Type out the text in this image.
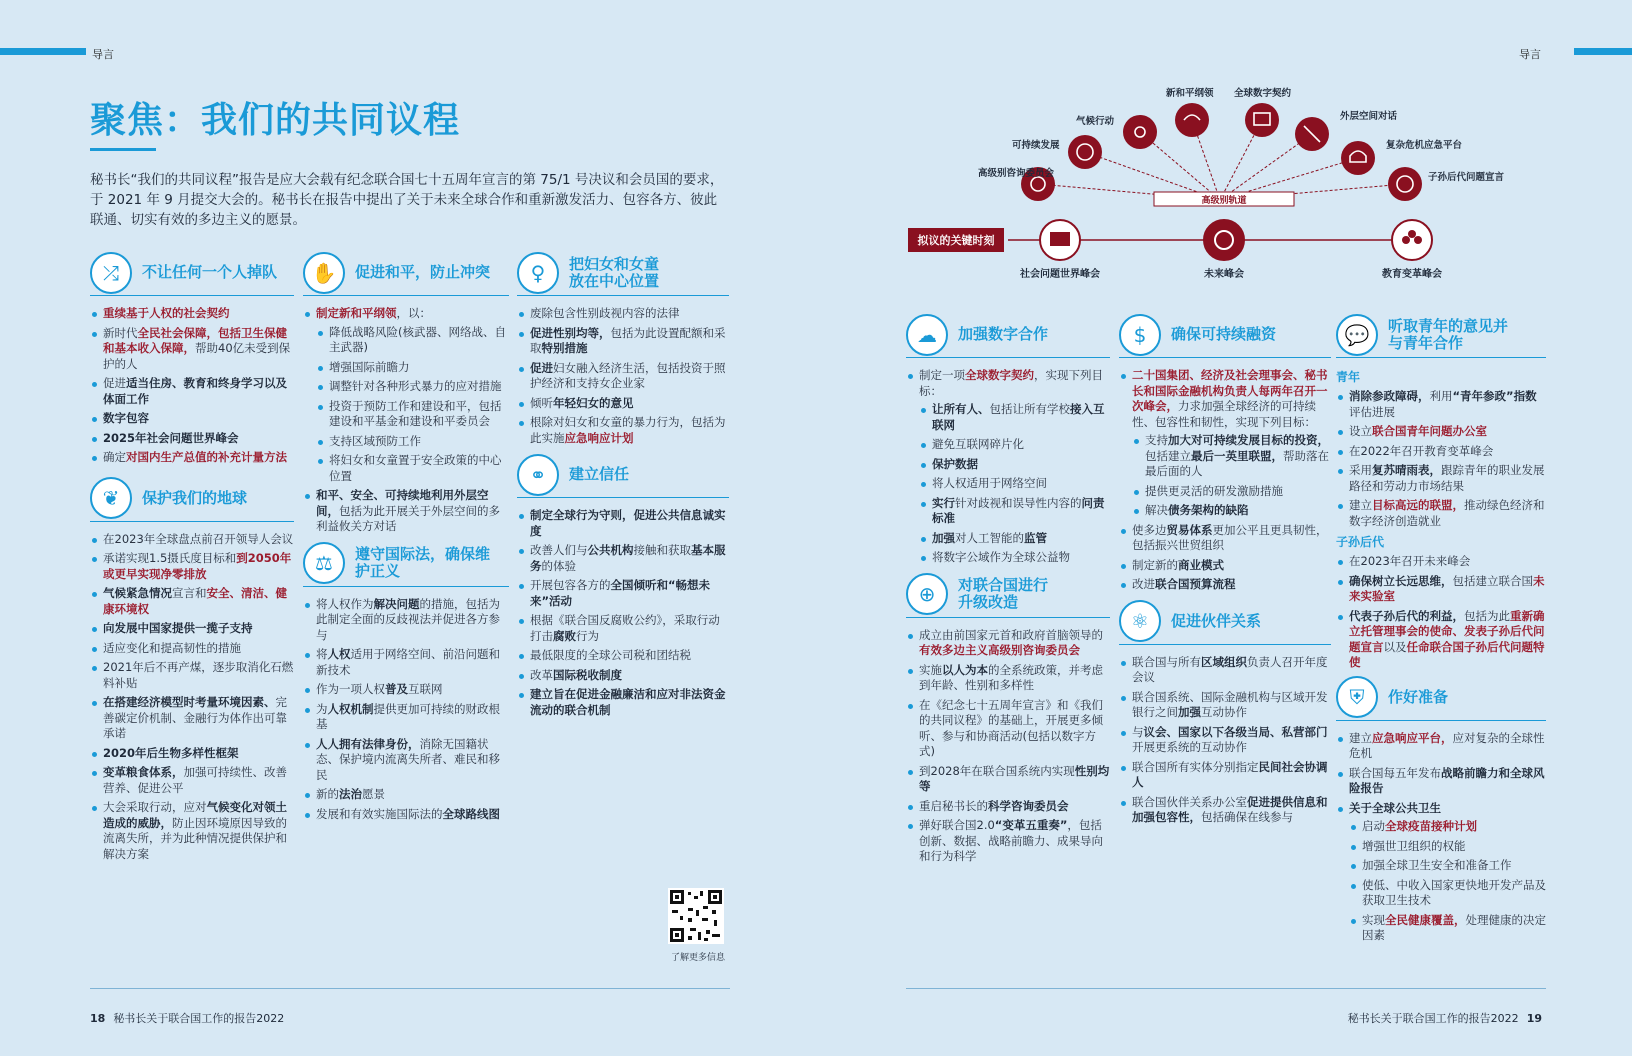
导言	导言
聚焦：我们的共同议程
秘书长“我们的共同议程”报告是应大会载有纪念联合国七十五周年宣言的第 75/1 号决议和会员国的要求，于 2021 年 9 月提交大会的。秘书长在报告中提出了关于未来全球合作和重新激发活力、包容各方、彼此联通、切实有效的多边主义的愿景。
⤮	不让任何一个人掉队
重续基于人权的社会契约
新时代全民社会保障，包括卫生保健和基本收入保障，帮助40亿未受到保护的人
促进适当住房、教育和终身学习以及体面工作
数字包容
2025年社会问题世界峰会
确定对国内生产总值的补充计量方法
❦	保护我们的地球
在2023年全球盘点前召开领导人会议
承诺实现1.5摄氏度目标和到2050年或更早实现净零排放
气候紧急情况宣言和安全、清洁、健康环境权
向发展中国家提供一揽子支持
适应变化和提高韧性的措施
2021年后不再产煤，逐步取消化石燃料补贴
在搭建经济模型时考量环境因素、完善碳定价机制、金融行为体作出可靠承诺
2020年后生物多样性框架
变革粮食体系，加强可持续性、改善营养、促进公平
大会采取行动，应对气候变化对领土造成的威胁，防止因环境原因导致的流离失所，并为此种情况提供保护和解决方案
✋	促进和平，防止冲突
制定新和平纲领，以：
降低战略风险(核武器、网络战、自主武器)
增强国际前瞻力
调整针对各种形式暴力的应对措施
投资于预防工作和建设和平，包括建设和平基金和建设和平委员会
支持区域预防工作
将妇女和女童置于安全政策的中心位置
和平、安全、可持续地利用外层空间，包括为此开展关于外层空间的多利益攸关方对话
⚖	遵守国际法，确保维护正义
将人权作为解决问题的措施，包括为此制定全面的反歧视法并促进各方参与
将人权适用于网络空间、前沿问题和新技术
作为一项人权普及互联网
为人权机制提供更加可持续的财政根基
人人拥有法律身份，消除无国籍状态、保护境内流离失所者、难民和移民
新的法治愿景
发展和有效实施国际法的全球路线图
♀	把妇女和女童放在中心位置
废除包含性别歧视内容的法律
促进性别均等，包括为此设置配额和采取特别措施
促进妇女融入经济生活，包括投资于照护经济和支持女企业家
倾听年轻妇女的意见
根除对妇女和女童的暴力行为，包括为此实施应急响应计划
⚭	建立信任
制定全球行为守则，促进公共信息诚实度
改善人们与公共机构接触和获取基本服务的体验
开展包容各方的全国倾听和“畅想未来”活动
根据《联合国反腐败公约》，采取行动打击腐败行为
最低限度的全球公司税和团结税
改革国际税收制度
建立旨在促进金融廉洁和应对非法资金流动的联合机制
了解更多信息
高级别轨道
拟议的关键时刻
社会问题世界峰会	未来峰会	教育变革峰会
高级别咨询委员会
可持续发展
气候行动
新和平纲领 全球数字契约
外层空间对话
复杂危机应急平台
子孙后代问题宣言
☁	加强数字合作
制定一项全球数字契约，实现下列目标：
让所有人、包括让所有学校接入互联网
避免互联网碎片化
保护数据
将人权适用于网络空间
实行针对歧视和误导性内容的问责标准
加强对人工智能的监管
将数字公域作为全球公益物
⊕	对联合国进行升级改造
成立由前国家元首和政府首脑领导的有效多边主义高级别咨询委员会
实施以人为本的全系统政策，并考虑到年龄、性别和多样性
在《纪念七十五周年宣言》和《我们的共同议程》的基础上，开展更多倾听、参与和协商活动(包括以数字方式)
到2028年在联合国系统内实现性别均等
重启秘书长的科学咨询委员会
弹好联合国2.0“变革五重奏”，包括创新、数据、战略前瞻力、成果导向和行为科学
$	确保可持续融资
二十国集团、经济及社会理事会、秘书长和国际金融机构负责人每两年召开一次峰会，力求加强全球经济的可持续性、包容性和韧性，实现下列目标：
支持加大对可持续发展目标的投资，包括建立最后一英里联盟，帮助落在最后面的人
提供更灵活的研发激励措施
解决债务架构的缺陷
使多边贸易体系更加公平且更具韧性，包括振兴世贸组织
制定新的商业模式
改进联合国预算流程
⚛	促进伙伴关系
联合国与所有区域组织负责人召开年度会议
联合国系统、国际金融机构与区域开发银行之间加强互动协作
与议会、国家以下各级当局、私营部门开展更系统的互动协作
联合国所有实体分别指定民间社会协调人
联合国伙伴关系办公室促进提供信息和加强包容性，包括确保在线参与
💬	听取青年的意见并与青年合作
青年
消除参政障碍，利用“青年参政”指数评估进展
设立联合国青年问题办公室
在2022年召开教育变革峰会
采用复苏晴雨表，跟踪青年的职业发展路径和劳动力市场结果
建立目标高远的联盟，推动绿色经济和数字经济创造就业
子孙后代
在2023年召开未来峰会
确保树立长远思维，包括建立联合国未来实验室
代表子孙后代的利益，包括为此重新确立托管理事会的使命、发表子孙后代问题宣言以及任命联合国子孙后代问题特使
⛨	作好准备
建立应急响应平台，应对复杂的全球性危机
联合国每五年发布战略前瞻力和全球风险报告
关于全球公共卫生
启动全球疫苗接种计划
增强世卫组织的权能
加强全球卫生安全和准备工作
使低、中收入国家更快地开发产品及获取卫生技术
实现全民健康覆盖，处理健康的决定因素
18 秘书长关于联合国工作的报告2022	秘书长关于联合国工作的报告2022 19
